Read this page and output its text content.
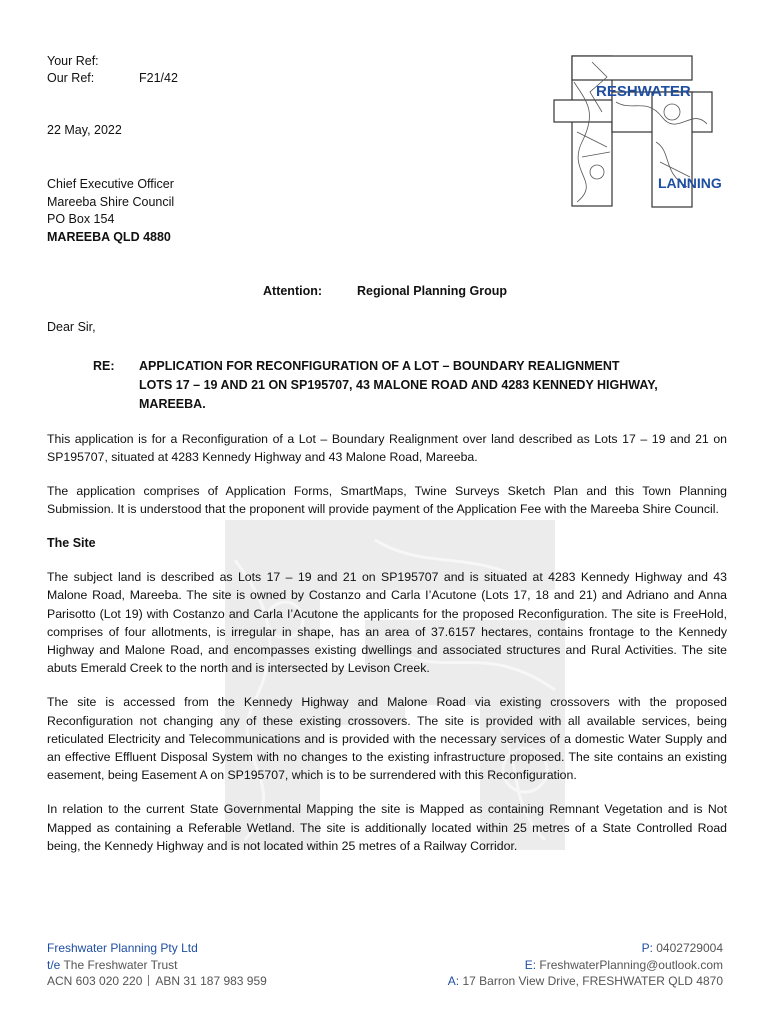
RESHWATER
LANNING
Your Ref:
Our Ref:	F21/42
22 May, 2022
Chief Executive Officer
Mareeba Shire Council
PO Box 154
MAREEBA QLD 4880
Attention:	Regional Planning Group
Dear Sir,
RE:	APPLICATION FOR RECONFIGURATION OF A LOT – BOUNDARY REALIGNMENT
LOTS 17 – 19 AND 21 ON SP195707, 43 MALONE ROAD AND 4283 KENNEDY HIGHWAY,
MAREEBA.

This application is for a Reconfiguration of a Lot – Boundary Realignment over land described as Lots 17 – 19 and 21 on SP195707, situated at 4283 Kennedy Highway and 43 Malone Road, Mareeba.

The application comprises of Application Forms, SmartMaps, Twine Surveys Sketch Plan and this Town Planning Submission. It is understood that the proponent will provide payment of the Application Fee with the Mareeba Shire Council.

The Site

The subject land is described as Lots 17 – 19 and 21 on SP195707 and is situated at 4283 Kennedy Highway and 43 Malone Road, Mareeba. The site is owned by Costanzo and Carla I’Acutone (Lots 17, 18 and 21) and Adriano and Anna Parisotto (Lot 19) with Costanzo and Carla I’Acutone the applicants for the proposed Reconfiguration. The site is FreeHold, comprises of four allotments, is irregular in shape, has an area of 37.6157 hectares, contains frontage to the Kennedy Highway and Malone Road, and encompasses existing dwellings and associated structures and Rural Activities. The site abuts Emerald Creek to the north and is intersected by Levison Creek.

The site is accessed from the Kennedy Highway and Malone Road via existing crossovers with the proposed Reconfiguration not changing any of these existing crossovers. The site is provided with all available services, being reticulated Electricity and Telecommunications and is provided with the necessary services of a domestic Water Supply and an effective Effluent Disposal System with no changes to the existing infrastructure proposed. The site contains an existing easement, being Easement A on SP195707, which is to be surrendered with this Reconfiguration.

In relation to the current State Governmental Mapping the site is Mapped as containing Remnant Vegetation and is Not Mapped as containing a Referable Wetland. The site is additionally located within 25 metres of a State Controlled Road being, the Kennedy Highway and is not located within 25 metres of a Railway Corridor.

Freshwater Planning Pty Ltd
t/e The Freshwater Trust
ACN 603 020 220 ABN 31 187 983 959
P: 0402729004
E: FreshwaterPlanning@outlook.com
A: 17 Barron View Drive, FRESHWATER QLD 4870
